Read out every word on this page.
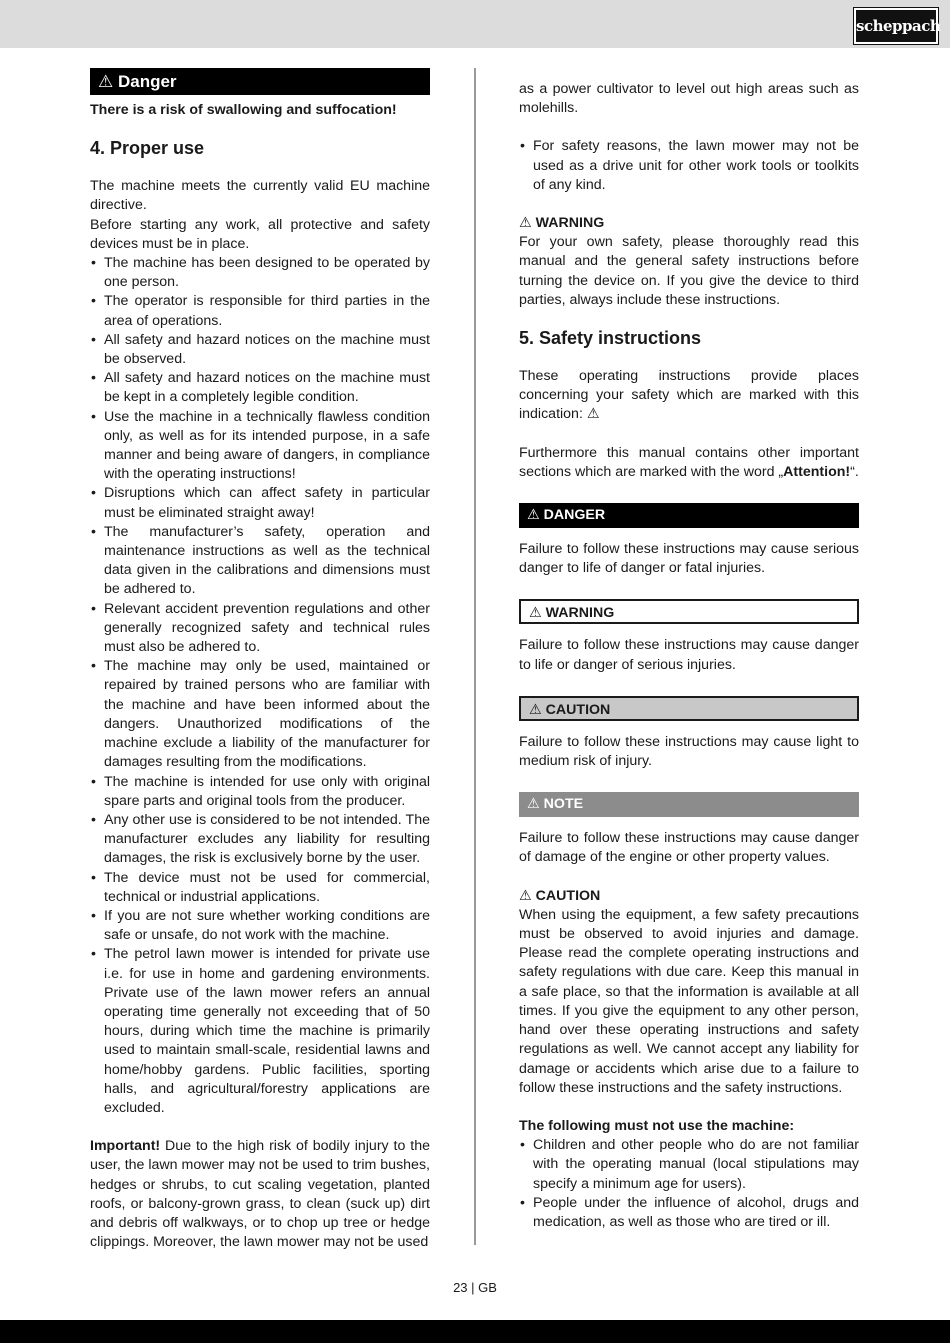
scheppach
⚠ Danger

There is a risk of swallowing and suffocation!

4. Proper use

The machine meets the currently valid EU machine directive.

Before starting any work, all protective and safety devices must be in place.

• The machine has been designed to be operated by one person.
• The operator is responsible for third parties in the area of operations.
• All safety and hazard notices on the machine must be observed.
• All safety and hazard notices on the machine must be kept in a completely legible condition.
• Use the machine in a technically flawless condition only, as well as for its intended purpose, in a safe manner and being aware of dangers, in compliance with the operating instructions!
• Disruptions which can affect safety in particular must be eliminated straight away!
• The manufacturer’s safety, operation and maintenance instructions as well as the technical data given in the calibrations and dimensions must be adhered to.
• Relevant accident prevention regulations and other generally recognized safety and technical rules must also be adhered to.
• The machine may only be used, maintained or repaired by trained persons who are familiar with the machine and have been informed about the dangers. Unauthorized modifications of the machine exclude a liability of the manufacturer for damages resulting from the modifications.
• The machine is intended for use only with original spare parts and original tools from the producer.
• Any other use is considered to be not intended. The manufacturer excludes any liability for resulting damages, the risk is exclusively borne by the user.
• The device must not be used for commercial, technical or industrial applications.
• If you are not sure whether working conditions are safe or unsafe, do not work with the machine.
• The petrol lawn mower is intended for private use i.e. for use in home and gardening environments. Private use of the lawn mower refers an annual operating time generally not exceeding that of 50 hours, during which time the machine is primarily used to maintain small-scale, residential lawns and home/hobby gardens. Public facilities, sporting halls, and agricultural/forestry applications are excluded.

Important! Due to the high risk of bodily injury to the user, the lawn mower may not be used to trim bushes, hedges or shrubs, to cut scaling vegetation, planted roofs, or balcony-grown grass, to clean (suck up) dirt and debris off walkways, or to chop up tree or hedge clippings. Moreover, the lawn mower may not be used

as a power cultivator to level out high areas such as molehills.

• For safety reasons, the lawn mower may not be used as a drive unit for other work tools or toolkits of any kind.

⚠ WARNING

For your own safety, please thoroughly read this manual and the general safety instructions before turning the device on. If you give the device to third parties, always include these instructions.

5. Safety instructions

These operating instructions provide places concerning your safety which are marked with this indication: ⚠

Furthermore this manual contains other important sections which are marked with the word „Attention!“.

⚠ DANGER

Failure to follow these instructions may cause serious danger to life of danger or fatal injuries.

⚠ WARNING

Failure to follow these instructions may cause danger to life or danger of serious injuries.

⚠ CAUTION

Failure to follow these instructions may cause light to medium risk of injury.

⚠ NOTE

Failure to follow these instructions may cause danger of damage of the engine or other property values.

⚠ CAUTION

When using the equipment, a few safety precautions must be observed to avoid injuries and damage. Please read the complete operating instructions and safety regulations with due care. Keep this manual in a safe place, so that the information is available at all times. If you give the equipment to any other person, hand over these operating instructions and safety regulations as well. We cannot accept any liability for damage or accidents which arise due to a failure to follow these instructions and the safety instructions.

The following must not use the machine:

• Children and other people who do are not familiar with the operating manual (local stipulations may specify a minimum age for users).
• People under the influence of alcohol, drugs and medication, as well as those who are tired or ill.
23 | GB
